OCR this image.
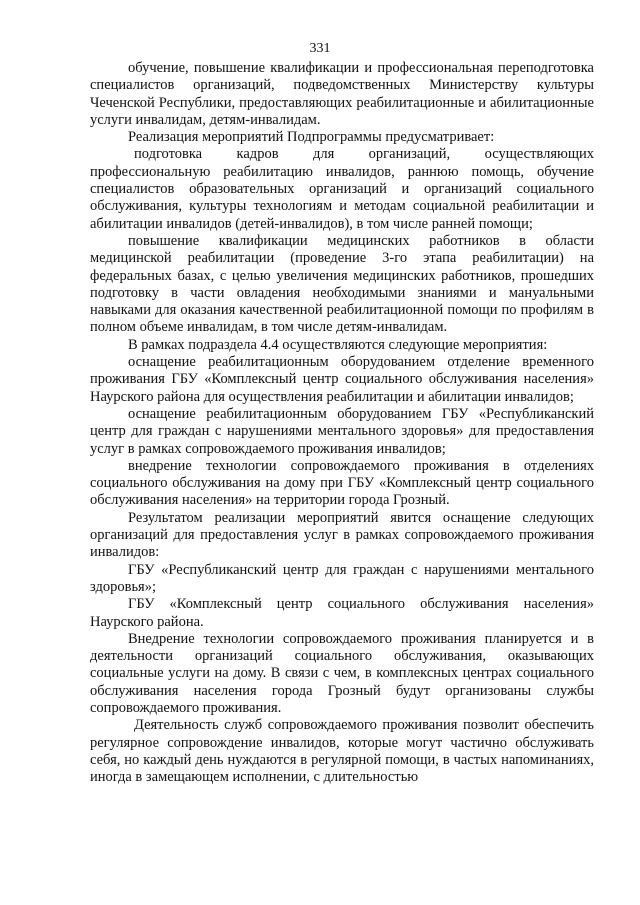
331

обучение, повышение квалификации и профессиональная переподготовка специалистов организаций, подведомственных Министерству культуры Чеченской Республики, предоставляющих реабилитационные и абилитационные услуги инвалидам, детям-инвалидам.

Реализация мероприятий Подпрограммы предусматривает:

подготовка кадров для организаций, осуществляющих профессиональную реабилитацию инвалидов, раннюю помощь, обучение специалистов образовательных организаций и организаций социального обслуживания, культуры технологиям и методам социальной реабилитации и абилитации инвалидов (детей-инвалидов), в том числе ранней помощи;

повышение квалификации медицинских работников в области медицинской реабилитации (проведение 3-го этапа реабилитации) на федеральных базах, с целью увеличения медицинских работников, прошедших подготовку в части овладения необходимыми знаниями и мануальными навыками для оказания качественной реабилитационной помощи по профилям в полном объеме инвалидам, в том числе детям-инвалидам.

В рамках подраздела 4.4 осуществляются следующие мероприятия:

оснащение реабилитационным оборудованием отделение временного проживания ГБУ «Комплексный центр социального обслуживания населения» Наурского района для осуществления реабилитации и абилитации инвалидов;

оснащение реабилитационным оборудованием ГБУ «Республиканский центр для граждан с нарушениями ментального здоровья» для предоставления услуг в рамках сопровождаемого проживания инвалидов;

внедрение технологии сопровождаемого проживания в отделениях социального обслуживания на дому при ГБУ «Комплексный центр социального обслуживания населения» на территории города Грозный.

Результатом реализации мероприятий явится оснащение следующих организаций для предоставления услуг в рамках сопровождаемого проживания инвалидов:

ГБУ «Республиканский центр для граждан с нарушениями ментального здоровья»;

ГБУ «Комплексный центр социального обслуживания населения» Наурского района.

Внедрение технологии сопровождаемого проживания планируется и в деятельности организаций социального обслуживания, оказывающих социальные услуги на дому. В связи с чем, в комплексных центрах социального обслуживания населения города Грозный будут организованы службы сопровождаемого проживания.

Деятельность служб сопровождаемого проживания позволит обеспечить регулярное сопровождение инвалидов, которые могут частично обслуживать себя, но каждый день нуждаются в регулярной помощи, в частых напоминаниях, иногда в замещающем исполнении, с длительностью
